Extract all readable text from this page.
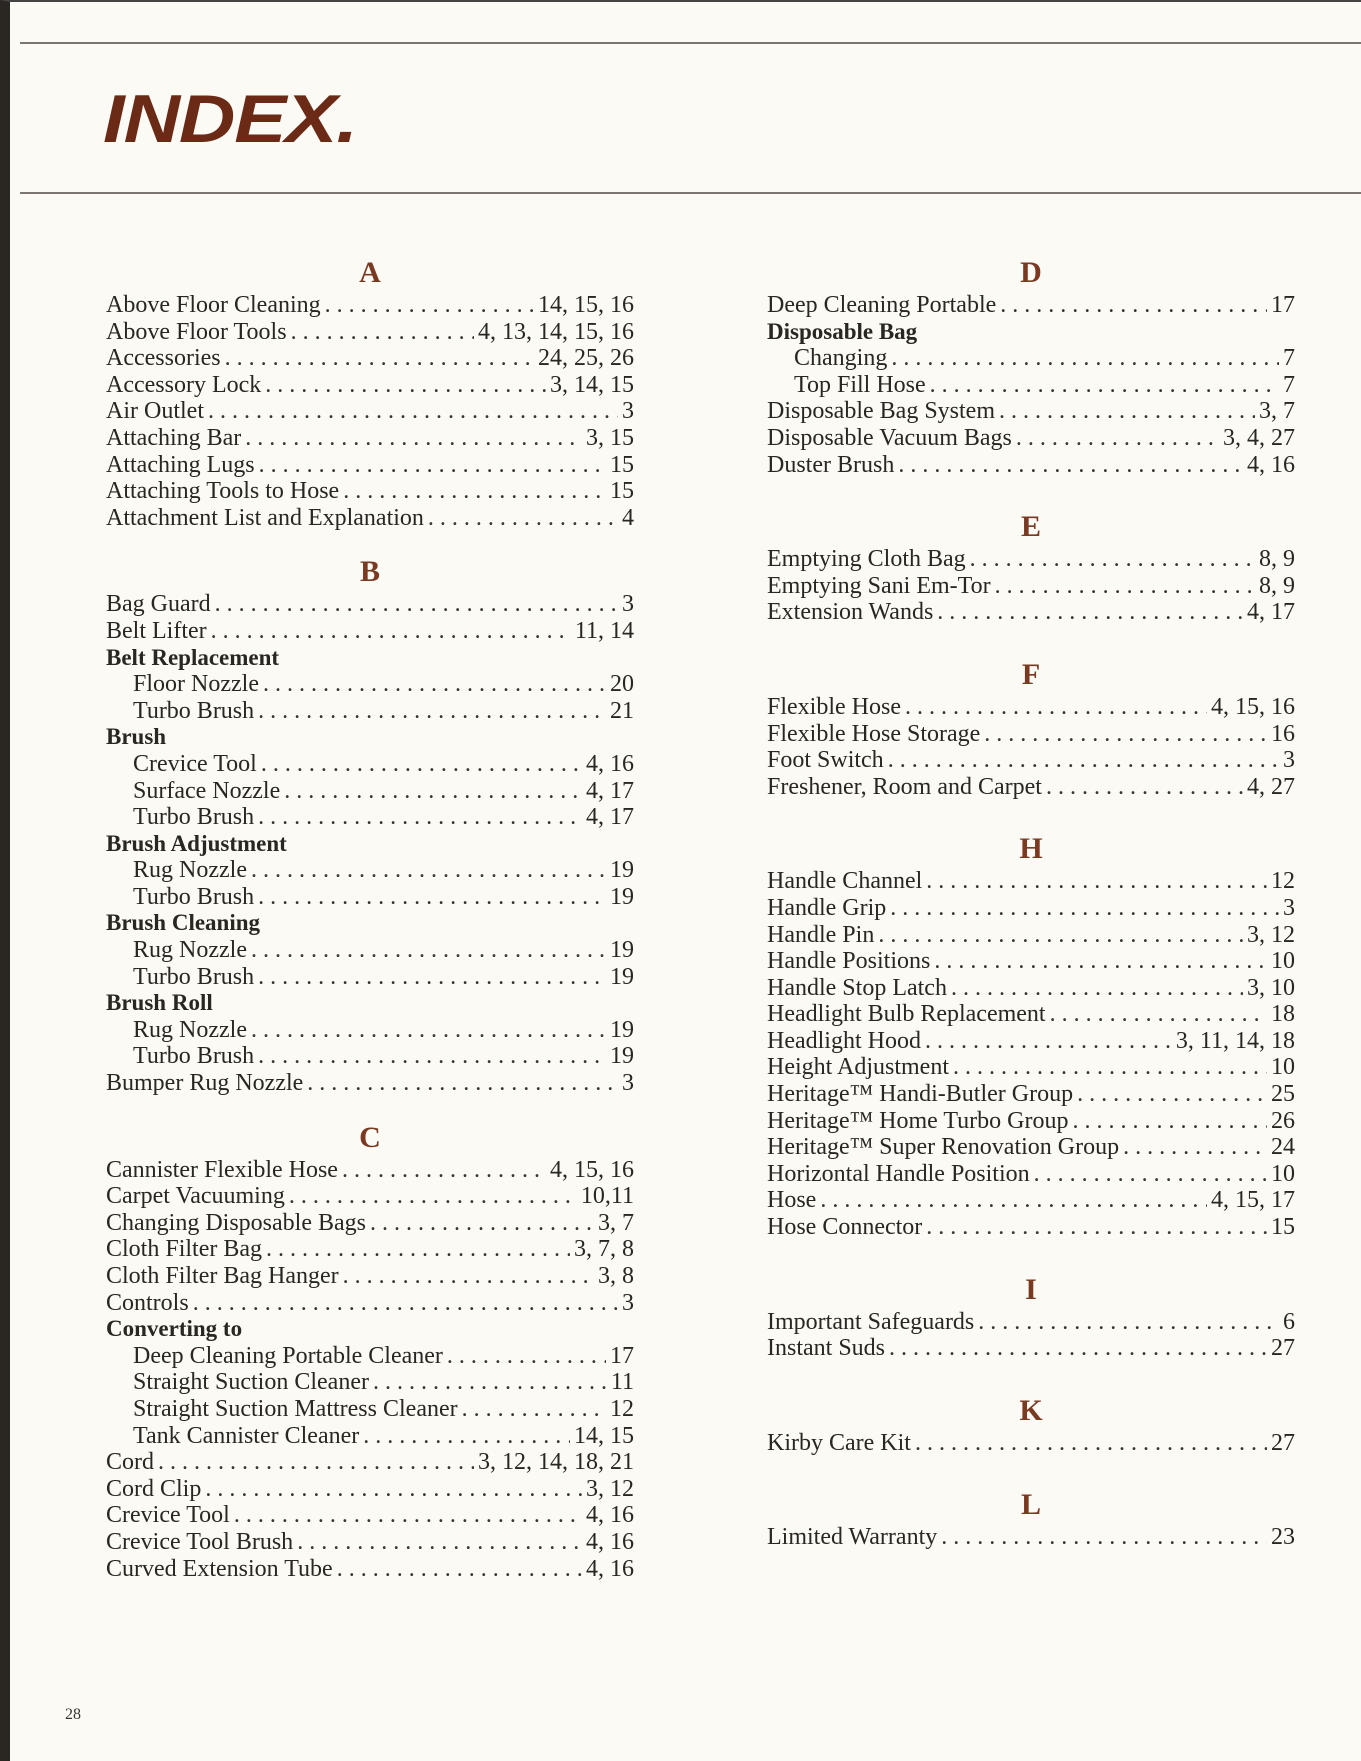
INDEX.
A
Above Floor Cleaning . . .	14, 15, 16
Above Floor Tools . . .	4, 13, 14, 15, 16
Accessories . . .	24, 25, 26
Accessory Lock . . .	3, 14, 15
Air Outlet . . .	3
Attaching Bar . . .	3, 15
Attaching Lugs . . .	15
Attaching Tools to Hose . . .	15
Attachment List and Explanation . . .	4
B
Bag Guard . . .	3
Belt Lifter . . .	11, 14
Belt Replacement
Floor Nozzle . . .	20
Turbo Brush . . .	21
Brush
Crevice Tool . . .	4, 16
Surface Nozzle . . .	4, 17
Turbo Brush . . .	4, 17
Brush Adjustment
Rug Nozzle . . .	19
Turbo Brush . . .	19
Brush Cleaning
Rug Nozzle . . .	19
Turbo Brush . . .	19
Brush Roll
Rug Nozzle . . .	19
Turbo Brush . . .	19
Bumper Rug Nozzle . . .	3
C
Cannister Flexible Hose . . .	4, 15, 16
Carpet Vacuuming . . .	10,11
Changing Disposable Bags . . .	3, 7
Cloth Filter Bag . . .	3, 7, 8
Cloth Filter Bag Hanger . . .	3, 8
Controls . . .	3
Converting to
Deep Cleaning Portable Cleaner . . .	17
Straight Suction Cleaner . . .	11
Straight Suction Mattress Cleaner . . .	12
Tank Cannister Cleaner . . .	14, 15
Cord . . .	3, 12, 14, 18, 21
Cord Clip . . .	3, 12
Crevice Tool . . .	4, 16
Crevice Tool Brush . . .	4, 16
Curved Extension Tube . . .	4, 16
D
Deep Cleaning Portable . . .	17
Disposable Bag
Changing . . .	7
Top Fill Hose . . .	7
Disposable Bag System . . .	3, 7
Disposable Vacuum Bags . . .	3, 4, 27
Duster Brush . . .	4, 16
E
Emptying Cloth Bag . . .	8, 9
Emptying Sani Em-Tor . . .	8, 9
Extension Wands . . .	4, 17
F
Flexible Hose . . .	4, 15, 16
Flexible Hose Storage . . .	16
Foot Switch . . .	3
Freshener, Room and Carpet . . .	4, 27
H
Handle Channel . . .	12
Handle Grip . . .	3
Handle Pin . . .	3, 12
Handle Positions . . .	10
Handle Stop Latch . . .	3, 10
Headlight Bulb Replacement . . .	18
Headlight Hood . . .	3, 11, 14, 18
Height Adjustment . . .	10
Heritage™ Handi-Butler Group . . .	25
Heritage™ Home Turbo Group . . .	26
Heritage™ Super Renovation Group . . .	24
Horizontal Handle Position . . .	10
Hose . . .	4, 15, 17
Hose Connector . . .	15
I
Important Safeguards . . .	6
Instant Suds . . .	27
K
Kirby Care Kit . . .	27
L
Limited Warranty . . .	23
28
